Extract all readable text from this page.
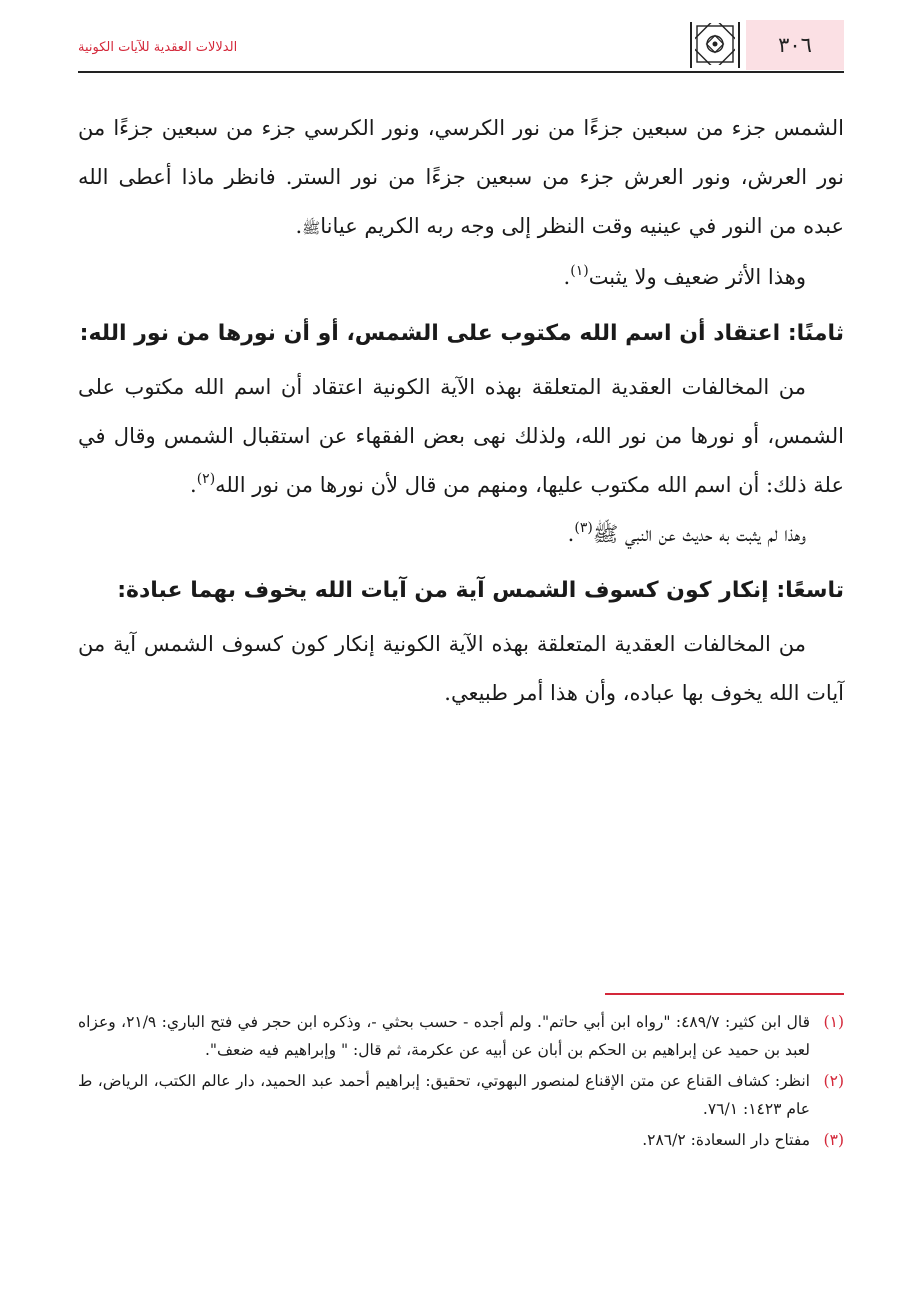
٣٠٦
الدلالات العقدية للآيات الكونية

الشمس جزء من سبعين جزءًا من نور الكرسي، ونور الكرسي جزء من سبعين جزءًا من نور العرش، ونور العرش جزء من سبعين جزءًا من نور الستر. فانظر ماذا أعطى الله عبده من النور في عينيه وقت النظر إلى وجه ربه الكريم عياناﷺ.

وهذا الأثر ضعيف ولا يثبت$^{(١)}$.

ثامنًا: اعتقاد أن اسم الله مكتوب على الشمس، أو أن نورها من نور الله:

من المخالفات العقدية المتعلقة بهذه الآية الكونية اعتقاد أن اسم الله مكتوب على الشمس، أو نورها من نور الله، ولذلك نهى بعض الفقهاء عن استقبال الشمس وقال في علة ذلك: أن اسم الله مكتوب عليها، ومنهم من قال لأن نورها من نور الله$^{(٢)}$.

وهذا لم يثبت به حديث عن النبي ﷺ$^{(٣)}$.

تاسعًا: إنكار كون كسوف الشمس آية من آيات الله يخوف بهما عبادة:

من المخالفات العقدية المتعلقة بهذه الآية الكونية إنكار كون كسوف الشمس آية من آيات الله يخوف بها عباده، وأن هذا أمر طبيعي.

(١)
قال ابن كثير: ٤٨٩/٧: "رواه ابن أبي حاتم". ولم أجده - حسب بحثي -، وذكره ابن حجر في فتح الباري: ٢١/٩، وعزاه لعبد بن حميد عن إبراهيم بن الحكم بن أبان عن أبيه عن عكرمة، ثم قال: " وإبراهيم فيه ضعف".
(٢)
انظر: كشاف القناع عن متن الإقناع لمنصور البهوتي، تحقيق: إبراهيم أحمد عبد الحميد، دار عالم الكتب، الرياض، ط عام ١٤٢٣: ٧٦/١.
(٣)
مفتاح دار السعادة: ٢٨٦/٢.
